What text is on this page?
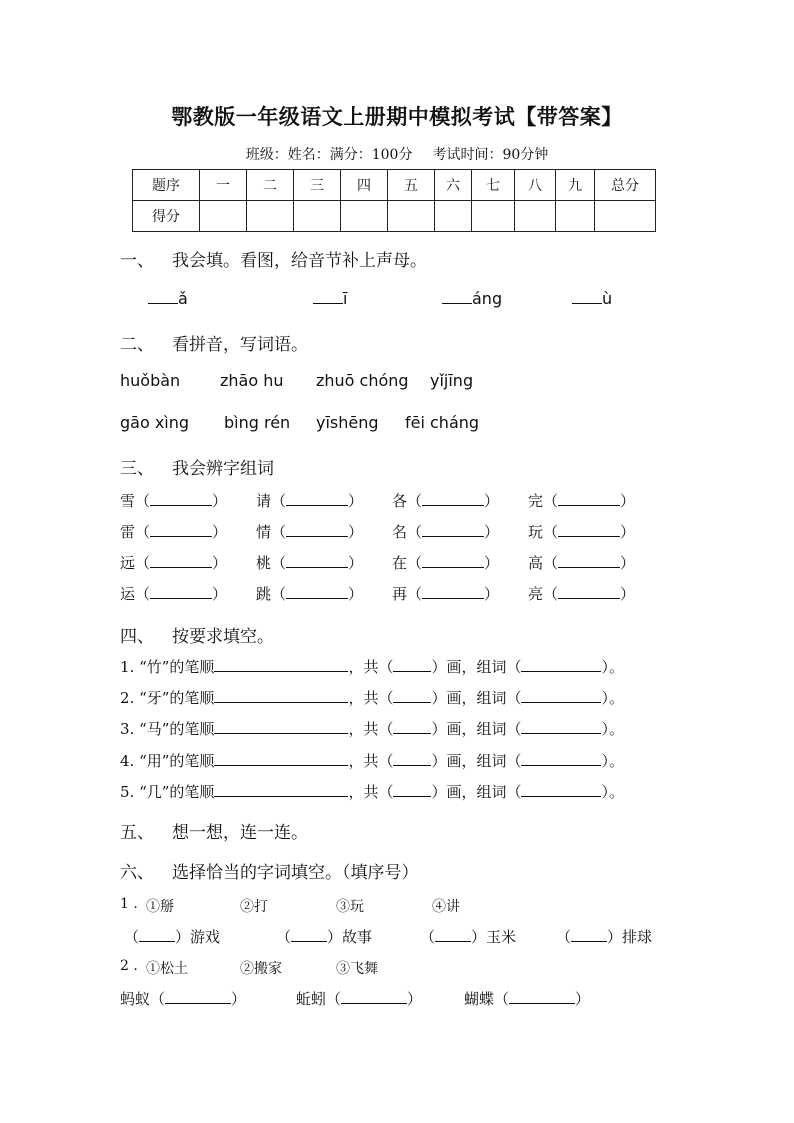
鄂教版一年级语文上册期中模拟考试【带答案】
班级：姓名：满分：100分 考试时间：90分钟
题序	一	二	三	四	五	六	七	八	九	总分
得分										
一、 我会填。看图，给音节补上声母。
ǎ	ī	áng	ù
二、 看拼音，写词语。
huǒbàn zhāo hu zhuō chóng yǐjīng
gāo xìng bìng rén yīshēng fēi cháng
三、 我会辨字组词
雪（	） 请（	） 各（	） 完（	）
雷（	） 情（	） 名（	） 玩（	）
远（	） 桃（	） 在（	） 高（	）
运（	） 跳（	） 再（	） 亮（	）
四、 按要求填空。
1. “竹”的笔顺	，共（	）画，组词（	）。
2. “牙”的笔顺	，共（	）画，组词（	）。
3. “马”的笔顺	，共（	）画，组词（	）。
4. “用”的笔顺	，共（	）画，组词（	）。
5. “几”的笔顺	，共（	）画，组词（	）。
五、 想一想，连一连。
六、 选择恰当的字词填空。（填序号）
1 . ①掰	②打	③玩	④讲
（ ）游戏	（ ）故事	（ ）玉米	（ ）排球
2 . ①松土	②搬家	③飞舞
蚂蚁（	）	蚯蚓（	）	蝴蝶（	）
